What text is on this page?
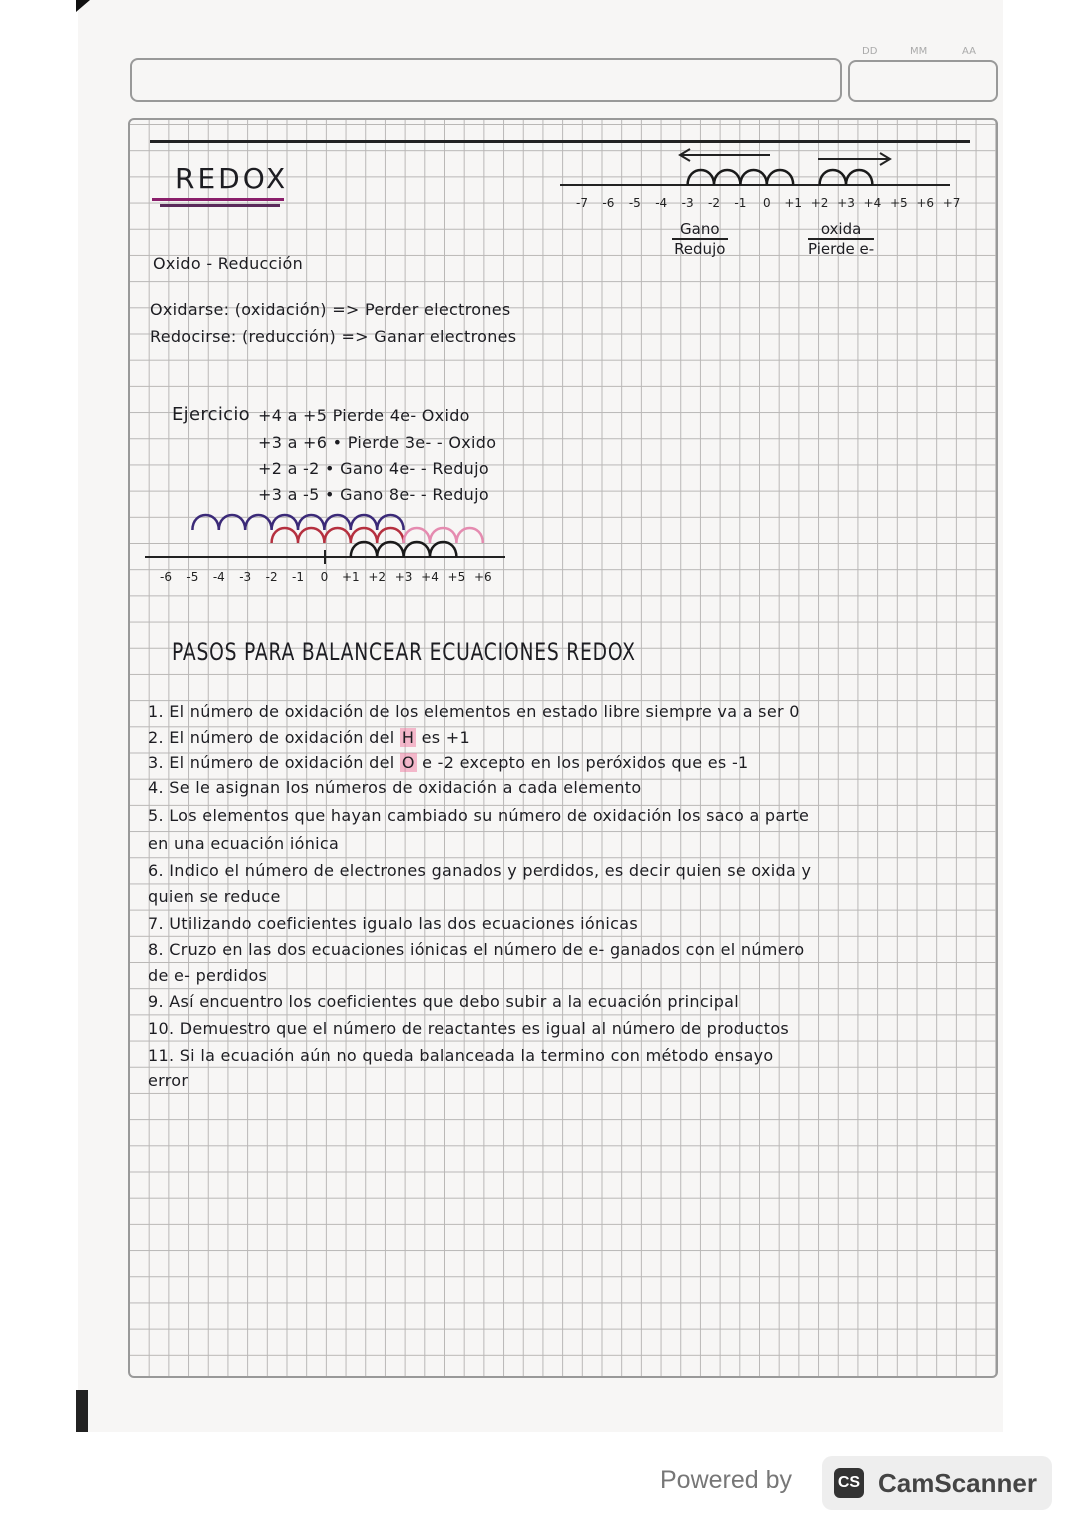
DD	MM	AA
REDOX
Oxido - Reducción
Oxidarse: (oxidación) => Perder electrones
Redocirse: (reducción) => Ganar electrones
-7 -6 -5 -4 -3 -2 -1 0 +1 +2 +3 +4 +5 +6 +7
Gano
Redujo
oxida
Pierde e-
Ejercicio +4 a +5 Pierde 4e- Oxido
+3 a +6 • Pierde 3e- - Oxido
+2 a -2 • Gano 4e- - Redujo
+3 a -5 • Gano 8e- - Redujo
-6 -5 -4 -3 -2 -1 0 +1 +2 +3 +4 +5 +6
PASOS PARA BALANCEAR ECUACIONES REDOX
1. El número de oxidación de los elementos en estado libre siempre va a ser 0
2. El número de oxidación del H es +1
3. El número de oxidación del O e -2 excepto en los peróxidos que es -1
4. Se le asignan los números de oxidación a cada elemento
5. Los elementos que hayan cambiado su número de oxidación los saco a parte
en una ecuación iónica
6. Indico el número de electrones ganados y perdidos, es decir quien se oxida y
quien se reduce
7. Utilizando coeficientes igualo las dos ecuaciones iónicas
8. Cruzo en las dos ecuaciones iónicas el número de e- ganados con el número
de e- perdidos
9. Así encuentro los coeficientes que debo subir a la ecuación principal
10. Demuestro que el número de reactantes es igual al número de productos
11. Si la ecuación aún no queda balanceada la termino con método ensayo
error
Powered by	CS CamScanner
